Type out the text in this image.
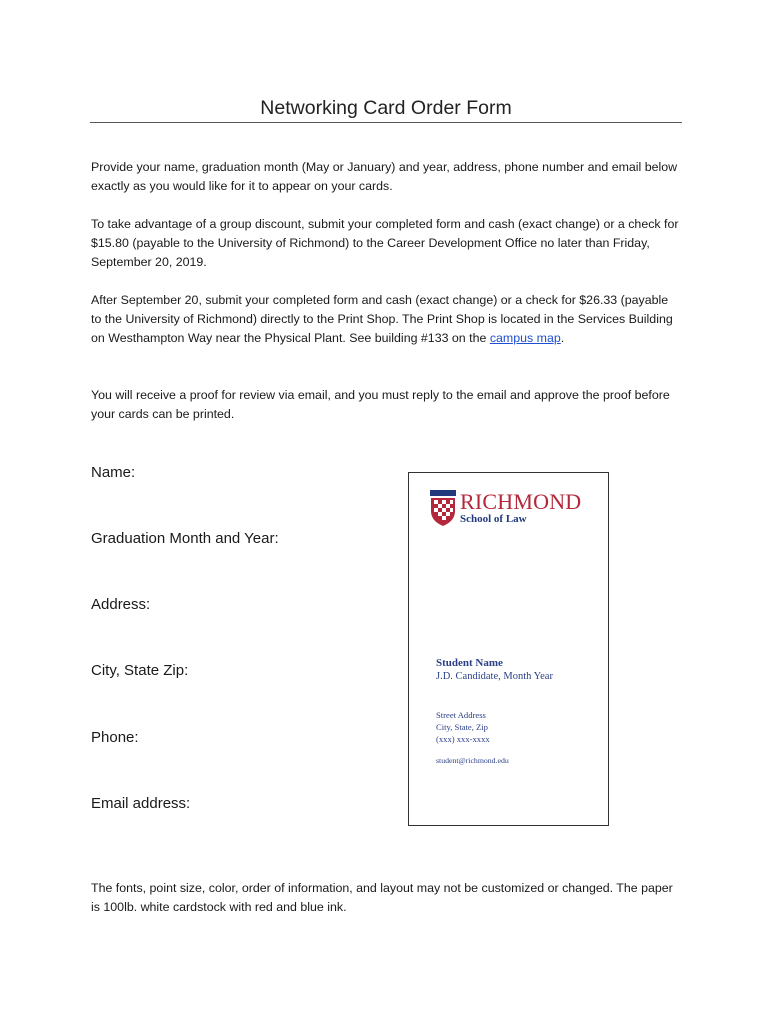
Networking Card Order Form

Provide your name, graduation month (May or January) and year, address, phone number and email below exactly as you would like for it to appear on your cards.

To take advantage of a group discount, submit your completed form and cash (exact change) or a check for $15.80 (payable to the University of Richmond) to the Career Development Office no later than Friday, September 20, 2019.

After September 20, submit your completed form and cash (exact change) or a check for $26.33 (payable to the University of Richmond) directly to the Print Shop. The Print Shop is located in the Services Building on Westhampton Way near the Physical Plant. See building #133 on the campus map.

You will receive a proof for review via email, and you must reply to the email and approve the proof before your cards can be printed.

Name:
Graduation Month and Year:
Address:
City, State Zip:
Phone:
Email address:
RICHMOND
School of Law
Student Name
J.D. Candidate, Month Year
Street Address
City, State, Zip
(xxx) xxx-xxxx
student@richmond.edu

The fonts, point size, color, order of information, and layout may not be customized or changed. The paper is 100lb. white cardstock with red and blue ink.
